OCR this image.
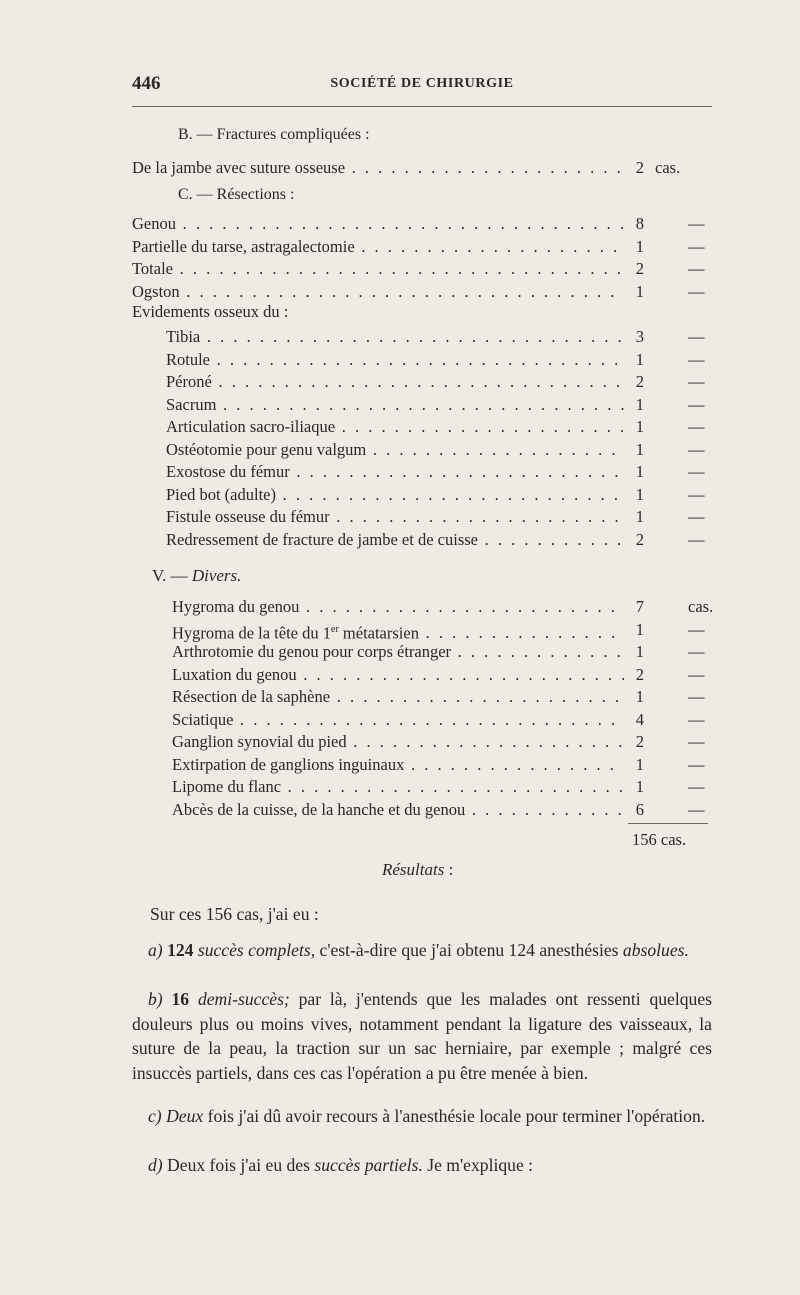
446	SOCIÉTÉ DE CHIRURGIE
B. — Fractures compliquées :
De la jambe avec suture osseuse . . .	2 cas.
C. — Résections :
Genou . . .	8	—
Partielle du tarse, astragalectomie . . .	1	—
Totale . . .	2	—
Ogston . . .	1	—
Evidements osseux du :
Tibia . . .	3	—
Rotule . . .	1	—
Péroné . . .	2	—
Sacrum . . .	1	—
Articulation sacro-iliaque . . .	1	—
Ostéotomie pour genu valgum . . .	1	—
Exostose du fémur . . .	1	—
Pied bot (adulte) . . .	1	—
Fistule osseuse du fémur . . .	1	—
Redressement de fracture de jambe et de cuisse . . .	2	—
V. — Divers.
Hygroma du genou . . .	7	cas.
Hygroma de la tête du 1er métatarsien . . .	1	—
Arthrotomie du genou pour corps étranger . . .	1	—
Luxation du genou . . .	2	—
Résection de la saphène . . .	1	—
Sciatique . . .	4	—
Ganglion synovial du pied . . .	2	—
Extirpation de ganglions inguinaux . . .	1	—
Lipome du flanc . . .	1	—
Abcès de la cuisse, de la hanche et du genou . . .	6	—
156 cas.
Résultats :
Sur ces 156 cas, j'ai eu :
a) 124 succès complets, c'est-à-dire que j'ai obtenu 124 anesthésies absolues.
b) 16 demi-succès; par là, j'entends que les malades ont ressenti quelques douleurs plus ou moins vives, notamment pendant la ligature des vaisseaux, la suture de la peau, la traction sur un sac herniaire, par exemple ; malgré ces insuccès partiels, dans ces cas l'opération a pu être menée à bien.
c) Deux fois j'ai dû avoir recours à l'anesthésie locale pour terminer l'opération.
d) Deux fois j'ai eu des succès partiels. Je m'explique :
